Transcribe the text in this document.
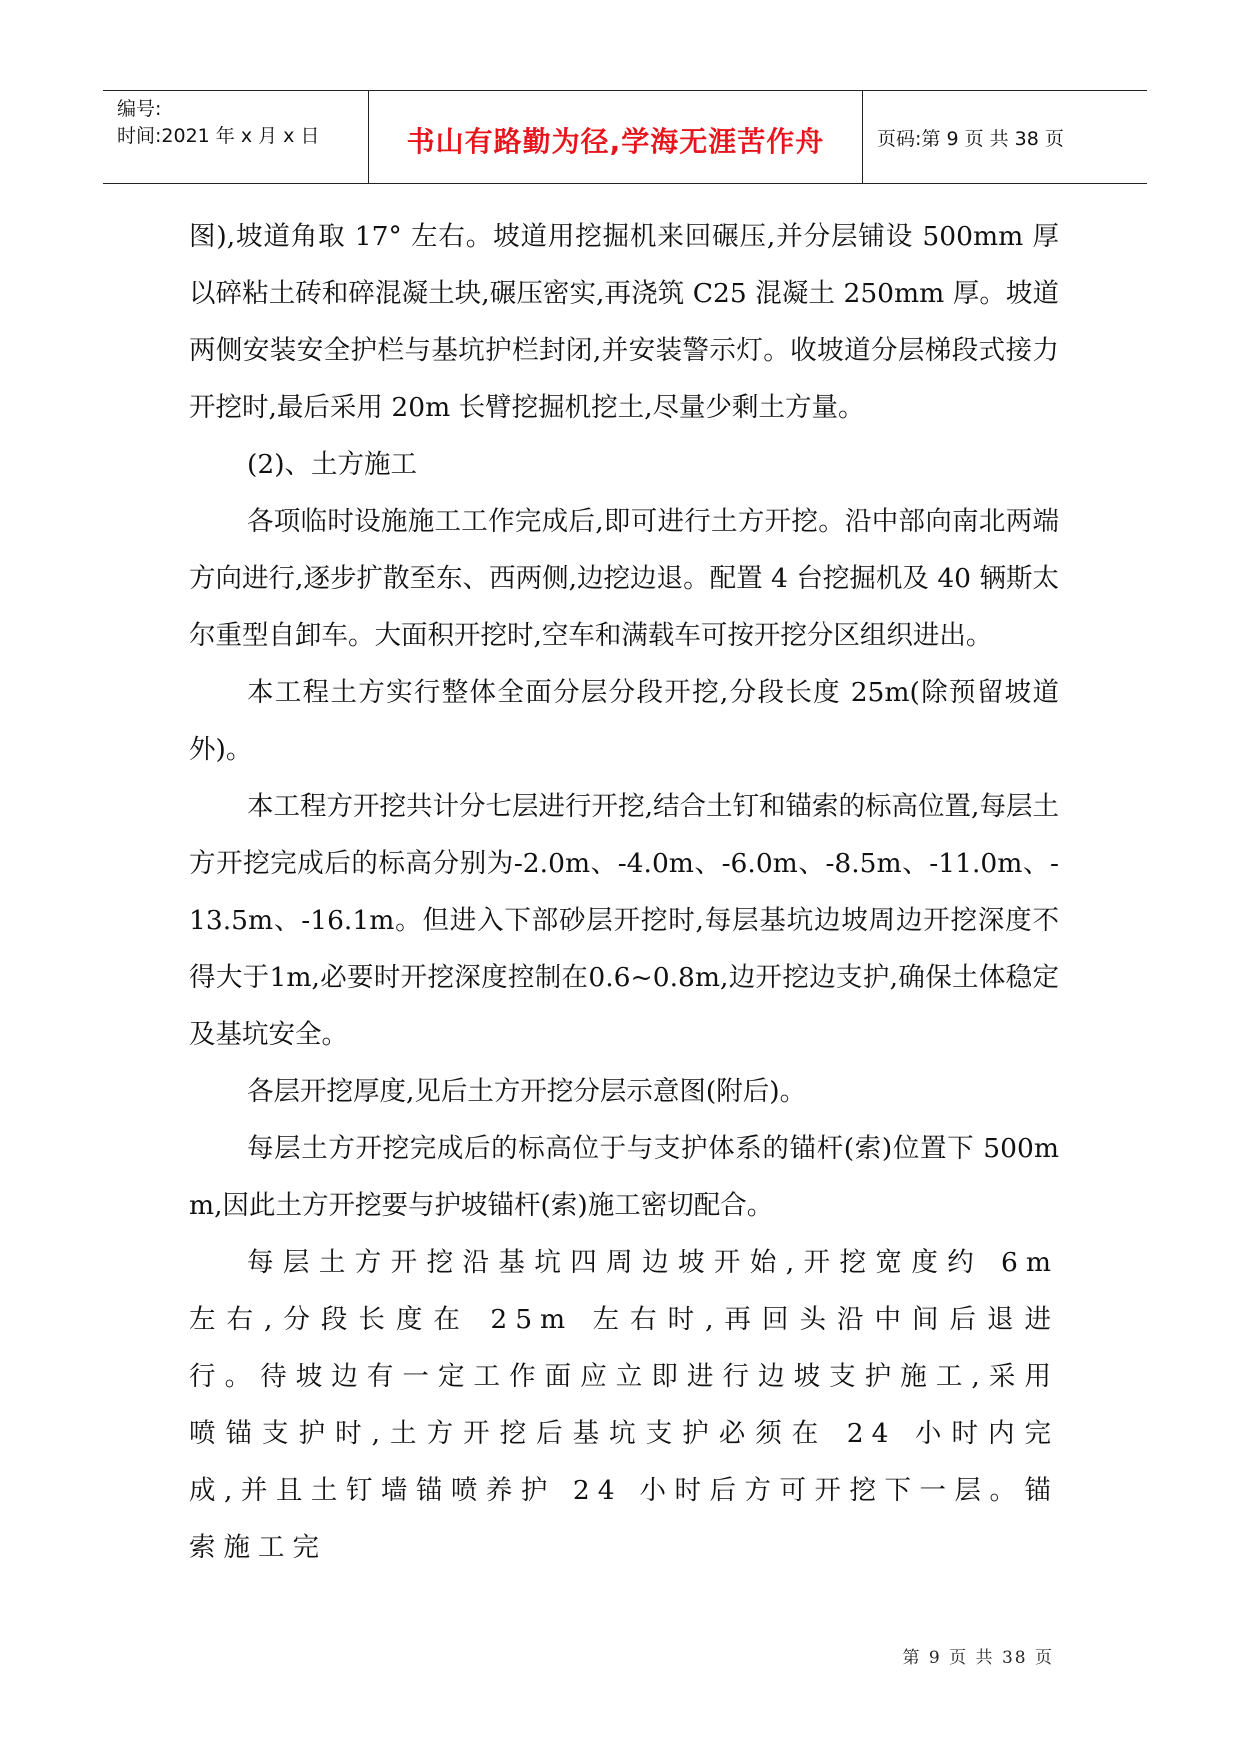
编号:
时间:2021 年 x 月 x 日	书山有路勤为径,学海无涯苦作舟	页码:第 9 页 共 38 页

图),坡道角取 17° 左右。坡道用挖掘机来回碾压,并分层铺设 500mm 厚以碎粘土砖和碎混凝土块,碾压密实,再浇筑 C25 混凝土 250mm 厚。坡道两侧安装安全护栏与基坑护栏封闭,并安装警示灯。收坡道分层梯段式接力开挖时,最后采用 20m 长臂挖掘机挖土,尽量少剩土方量。

(2)、土方施工

各项临时设施施工工作完成后,即可进行土方开挖。沿中部向南北两端方向进行,逐步扩散至东、西两侧,边挖边退。配置 4 台挖掘机及 40 辆斯太尔重型自卸车。大面积开挖时,空车和满载车可按开挖分区组织进出。

本工程土方实行整体全面分层分段开挖,分段长度 25m(除预留坡道外)。

本工程方开挖共计分七层进行开挖,结合土钉和锚索的标高位置,每层土方开挖完成后的标高分别为-2.0m、-4.0m、-6.0m、-8.5m、-11.0m、-13.5m、-16.1m。但进入下部砂层开挖时,每层基坑边坡周边开挖深度不得大于1m,必要时开挖深度控制在0.6~0.8m,边开挖边支护,确保土体稳定及基坑安全。

各层开挖厚度,见后土方开挖分层示意图(附后)。

每层土方开挖完成后的标高位于与支护体系的锚杆(索)位置下 500mm,因此土方开挖要与护坡锚杆(索)施工密切配合。

每层土方开挖沿基坑四周边坡开始,开挖宽度约 6m 左右,分段长度在 25m 左右时,再回头沿中间后退进行。待坡边有一定工作面应立即进行边坡支护施工,采用喷锚支护时,土方开挖后基坑支护必须在 24 小时内完成,并且土钉墙锚喷养护 24 小时后方可开挖下一层。锚索施工完

第 9 页 共 38 页
